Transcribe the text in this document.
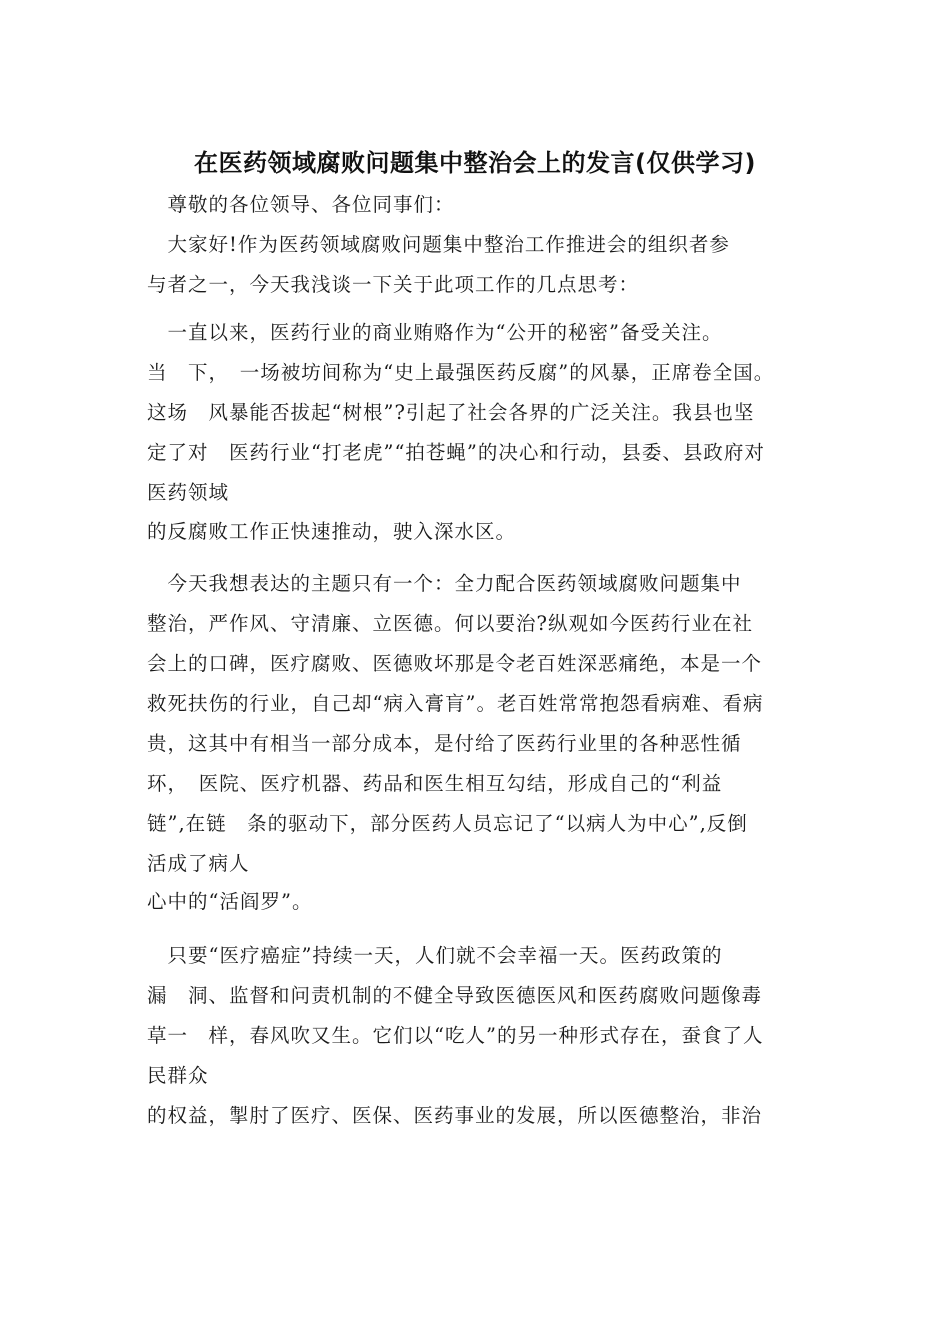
在医药领域腐败问题集中整治会上的发言(仅供学习)
　尊敬的各位领导、各位同事们：
　大家好!作为医药领域腐败问题集中整治工作推进会的组织者参
与者之一，今天我浅谈一下关于此项工作的几点思考：
　一直以来，医药行业的商业贿赂作为“公开的秘密”备受关注。
当　下，　一场被坊间称为“史上最强医药反腐”的风暴，正席卷全国。
这场　风暴能否拔起“树根”?引起了社会各界的广泛关注。我县也坚
定了对　医药行业“打老虎”“拍苍蝇”的决心和行动，县委、县政府对
医药领域
的反腐败工作正快速推动，驶入深水区。
　今天我想表达的主题只有一个：全力配合医药领域腐败问题集中
整治，严作风、守清廉、立医德。何以要治?纵观如今医药行业在社
会上的口碑，医疗腐败、医德败坏那是令老百姓深恶痛绝，本是一个
救死扶伤的行业，自己却“病入膏肓”。老百姓常常抱怨看病难、看病
贵，这其中有相当一部分成本，是付给了医药行业里的各种恶性循
环，　医院、医疗机器、药品和医生相互勾结，形成自己的“利益
链”,在链　条的驱动下，部分医药人员忘记了“以病人为中心”,反倒
活成了病人
心中的“活阎罗”。
　只要“医疗癌症”持续一天，人们就不会幸福一天。医药政策的
漏　洞、监督和问责机制的不健全导致医德医风和医药腐败问题像毒
草一　样，春风吹又生。它们以“吃人”的另一种形式存在，蚕食了人
民群众
的权益，掣肘了医疗、医保、医药事业的发展，所以医德整治，非治
